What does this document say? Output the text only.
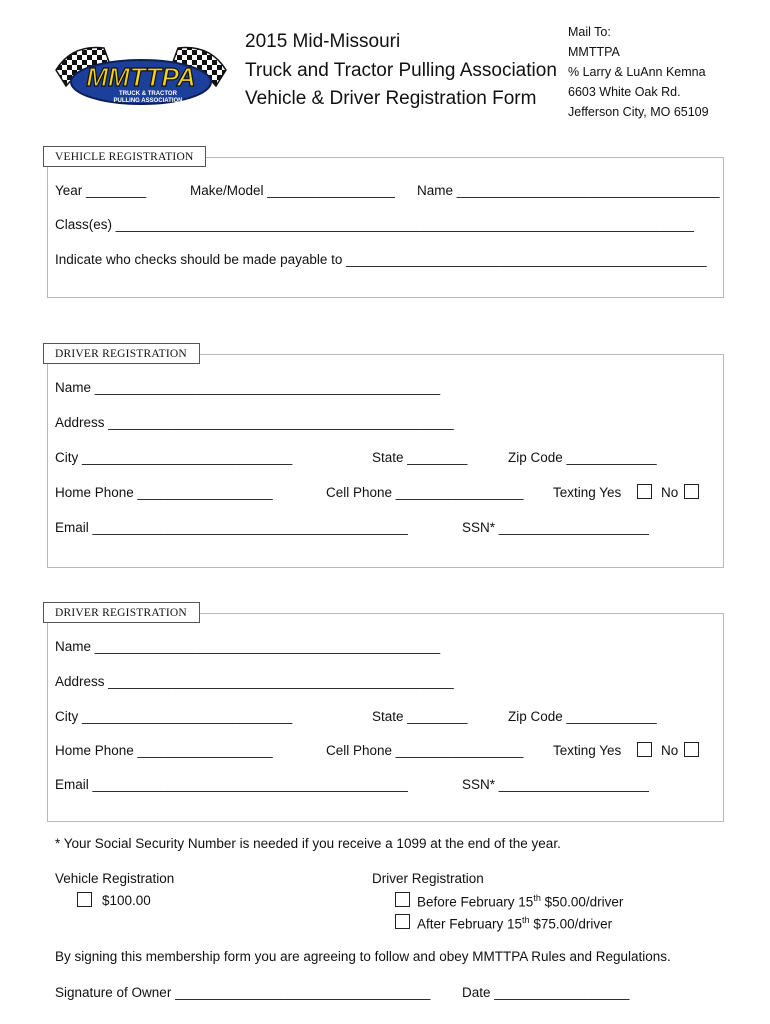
MMTTPA
TRUCK & TRACTOR
PULLING ASSOCIATION
2015 Mid-Missouri
Truck and Tractor Pulling Association
Vehicle & Driver Registration Form
Mail To:
MMTTPA
% Larry & LuAnn Kemna
6603 White Oak Rd.
Jefferson City, MO 65109
VEHICLE REGISTRATION
Year ________	Make/Model _________________ Name ___________________________________
Class(es) _____________________________________________________________________________
Indicate who checks should be made payable to ________________________________________________
DRIVER REGISTRATION
Name ______________________________________________
Address ______________________________________________
City ____________________________	State ________	Zip Code ____________
Home Phone __________________	Cell Phone _________________ Texting Yes	No
Email __________________________________________	SSN* ____________________
DRIVER REGISTRATION
Name ______________________________________________
Address ______________________________________________
City ____________________________	State ________	Zip Code ____________
Home Phone __________________	Cell Phone _________________ Texting Yes	No
Email __________________________________________	SSN* ____________________
* Your Social Security Number is needed if you receive a 1099 at the end of the year.
Vehicle Registration
$100.00
Driver Registration
Before February 15th $50.00/driver
After February 15th $75.00/driver
By signing this membership form you are agreeing to follow and obey MMTTPA Rules and Regulations.
Signature of Owner __________________________________ Date __________________
